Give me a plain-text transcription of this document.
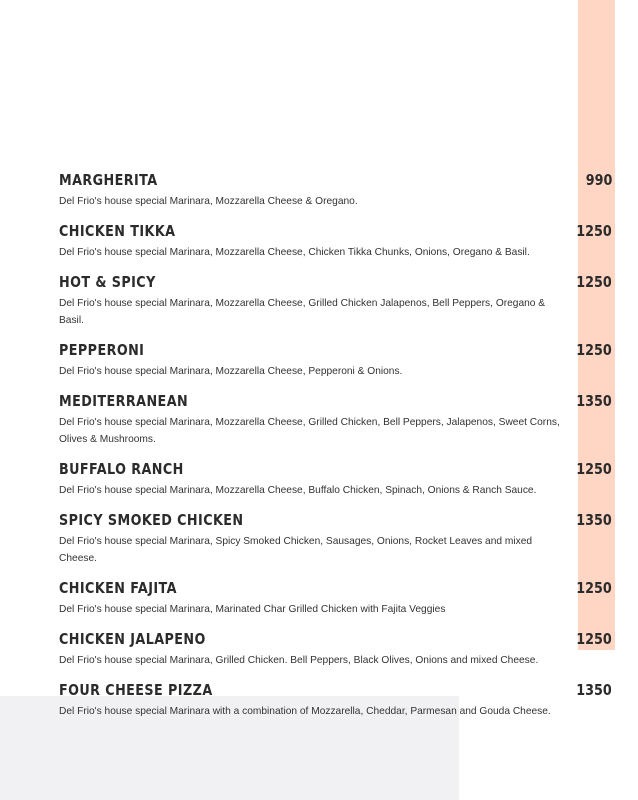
MARGHERITA	990
Del Frio's house special Marinara, Mozzarella Cheese & Oregano.
CHICKEN TIKKA	1250
Del Frio's house special Marinara, Mozzarella Cheese, Chicken Tikka Chunks, Onions, Oregano & Basil.
HOT & SPICY	1250
Del Frio's house special Marinara, Mozzarella Cheese, Grilled Chicken Jalapenos, Bell Peppers, Oregano & Basil.
PEPPERONI	1250
Del Frio's house special Marinara, Mozzarella Cheese, Pepperoni & Onions.
MEDITERRANEAN	1350
Del Frio's house special Marinara, Mozzarella Cheese, Grilled Chicken, Bell Peppers, Jalapenos, Sweet Corns, Olives & Mushrooms.
BUFFALO RANCH	1250
Del Frio's house special Marinara, Mozzarella Cheese, Buffalo Chicken, Spinach, Onions & Ranch Sauce.
SPICY SMOKED CHICKEN	1350
Del Frio's house special Marinara, Spicy Smoked Chicken, Sausages, Onions, Rocket Leaves and mixed Cheese.
CHICKEN FAJITA	1250
Del Frio's house special Marinara, Marinated Char Grilled Chicken with Fajita Veggies
CHICKEN JALAPENO	1250
Del Frio's house special Marinara, Grilled Chicken. Bell Peppers, Black Olives, Onions and mixed Cheese.
FOUR CHEESE PIZZA	1350
Del Frio's house special Marinara with a combination of Mozzarella, Cheddar, Parmesan and Gouda Cheese.
